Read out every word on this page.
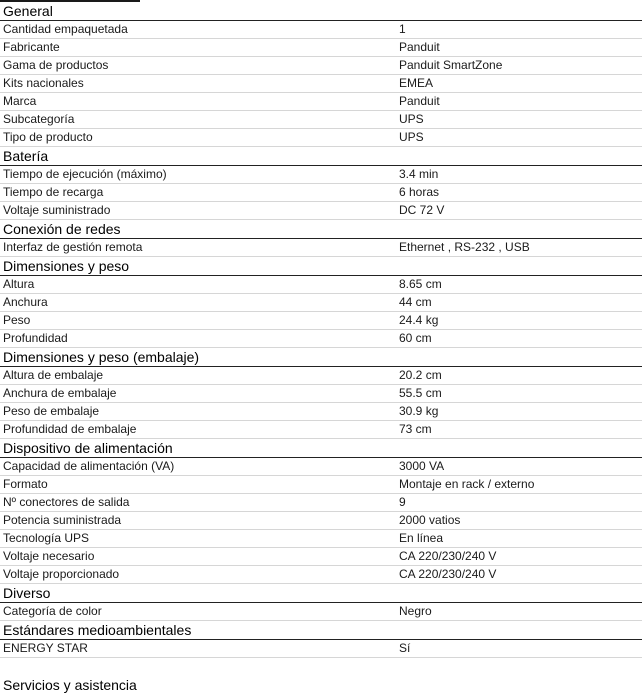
General
Cantidad empaquetada	1
Fabricante	Panduit
Gama de productos	Panduit SmartZone
Kits nacionales	EMEA
Marca	Panduit
Subcategoría	UPS
Tipo de producto	UPS
Batería
Tiempo de ejecución (máximo)	3.4 min
Tiempo de recarga	6 horas
Voltaje suministrado	DC 72 V
Conexión de redes
Interfaz de gestión remota	Ethernet , RS-232 , USB
Dimensiones y peso
Altura	8.65 cm
Anchura	44 cm
Peso	24.4 kg
Profundidad	60 cm
Dimensiones y peso (embalaje)
Altura de embalaje	20.2 cm
Anchura de embalaje	55.5 cm
Peso de embalaje	30.9 kg
Profundidad de embalaje	73 cm
Dispositivo de alimentación
Capacidad de alimentación (VA)	3000 VA
Formato	Montaje en rack / externo
Nº conectores de salida	9
Potencia suministrada	2000 vatios
Tecnología UPS	En línea
Voltaje necesario	CA 220/230/240 V
Voltaje proporcionado	CA 220/230/240 V
Diverso
Categoría de color	Negro
Estándares medioambientales
ENERGY STAR	Sí
Servicios y asistencia
